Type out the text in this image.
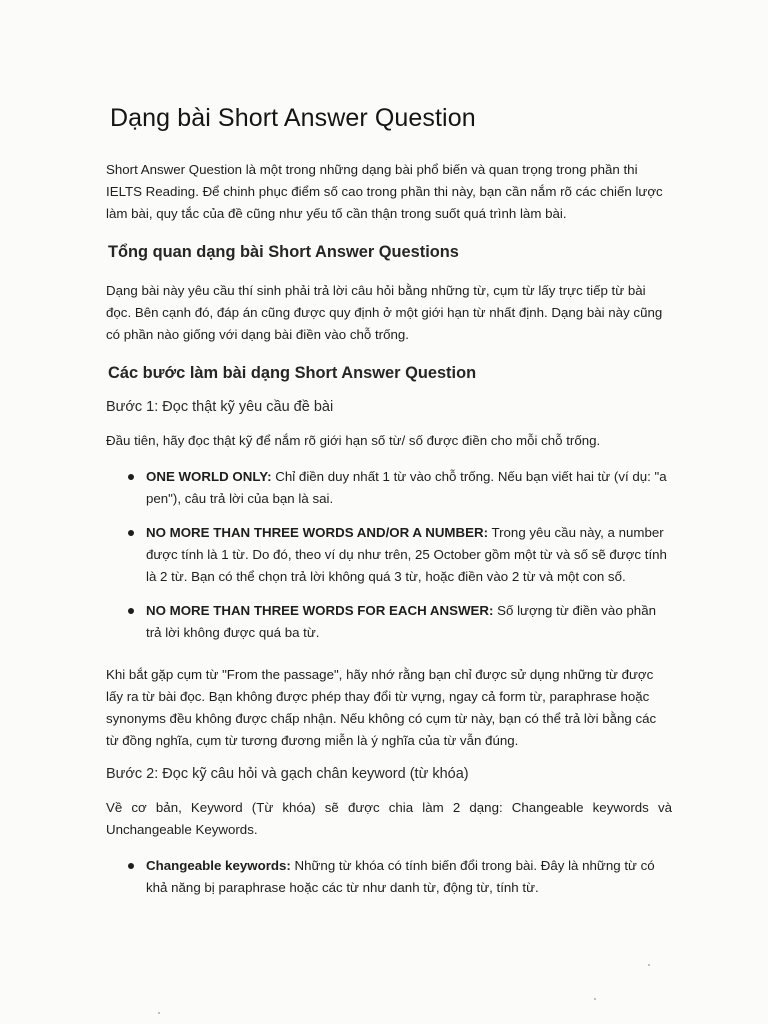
Dạng bài Short Answer Question

Short Answer Question là một trong những dạng bài phổ biến và quan trọng trong phần thi IELTS Reading. Để chinh phục điểm số cao trong phần thi này, bạn cần nắm rõ các chiến lược làm bài, quy tắc của đề cũng như yếu tố cần thận trong suốt quá trình làm bài.

Tổng quan dạng bài Short Answer Questions

Dạng bài này yêu cầu thí sinh phải trả lời câu hỏi bằng những từ, cụm từ lấy trực tiếp từ bài đọc. Bên cạnh đó, đáp án cũng được quy định ở một giới hạn từ nhất định. Dạng bài này cũng có phần nào giống với dạng bài điền vào chỗ trống.

Các bước làm bài dạng Short Answer Question
Bước 1: Đọc thật kỹ yêu cầu đề bài

Đầu tiên, hãy đọc thật kỹ để nắm rõ giới hạn số từ/ số được điền cho mỗi chỗ trống.

ONE WORLD ONLY: Chỉ điền duy nhất 1 từ vào chỗ trống. Nếu bạn viết hai từ (ví dụ: "a pen"), câu trả lời của bạn là sai.
NO MORE THAN THREE WORDS AND/OR A NUMBER: Trong yêu cầu này, a number được tính là 1 từ. Do đó, theo ví dụ như trên, 25 October gồm một từ và số sẽ được tính là 2 từ. Bạn có thể chọn trả lời không quá 3 từ, hoặc điền vào 2 từ và một con số.
NO MORE THAN THREE WORDS FOR EACH ANSWER: Số lượng từ điền vào phần trả lời không được quá ba từ.

Khi bắt gặp cụm từ "From the passage", hãy nhớ rằng bạn chỉ được sử dụng những từ được lấy ra từ bài đọc. Bạn không được phép thay đổi từ vựng, ngay cả form từ, paraphrase hoặc synonyms đều không được chấp nhận. Nếu không có cụm từ này, bạn có thể trả lời bằng các từ đồng nghĩa, cụm từ tương đương miễn là ý nghĩa của từ vẫn đúng.

Bước 2: Đọc kỹ câu hỏi và gạch chân keyword (từ khóa)

Về cơ bản, Keyword (Từ khóa) sẽ được chia làm 2 dạng: Changeable keywords và Unchangeable Keywords.

Changeable keywords: Những từ khóa có tính biến đổi trong bài. Đây là những từ có khả năng bị paraphrase hoặc các từ như danh từ, động từ, tính từ.
